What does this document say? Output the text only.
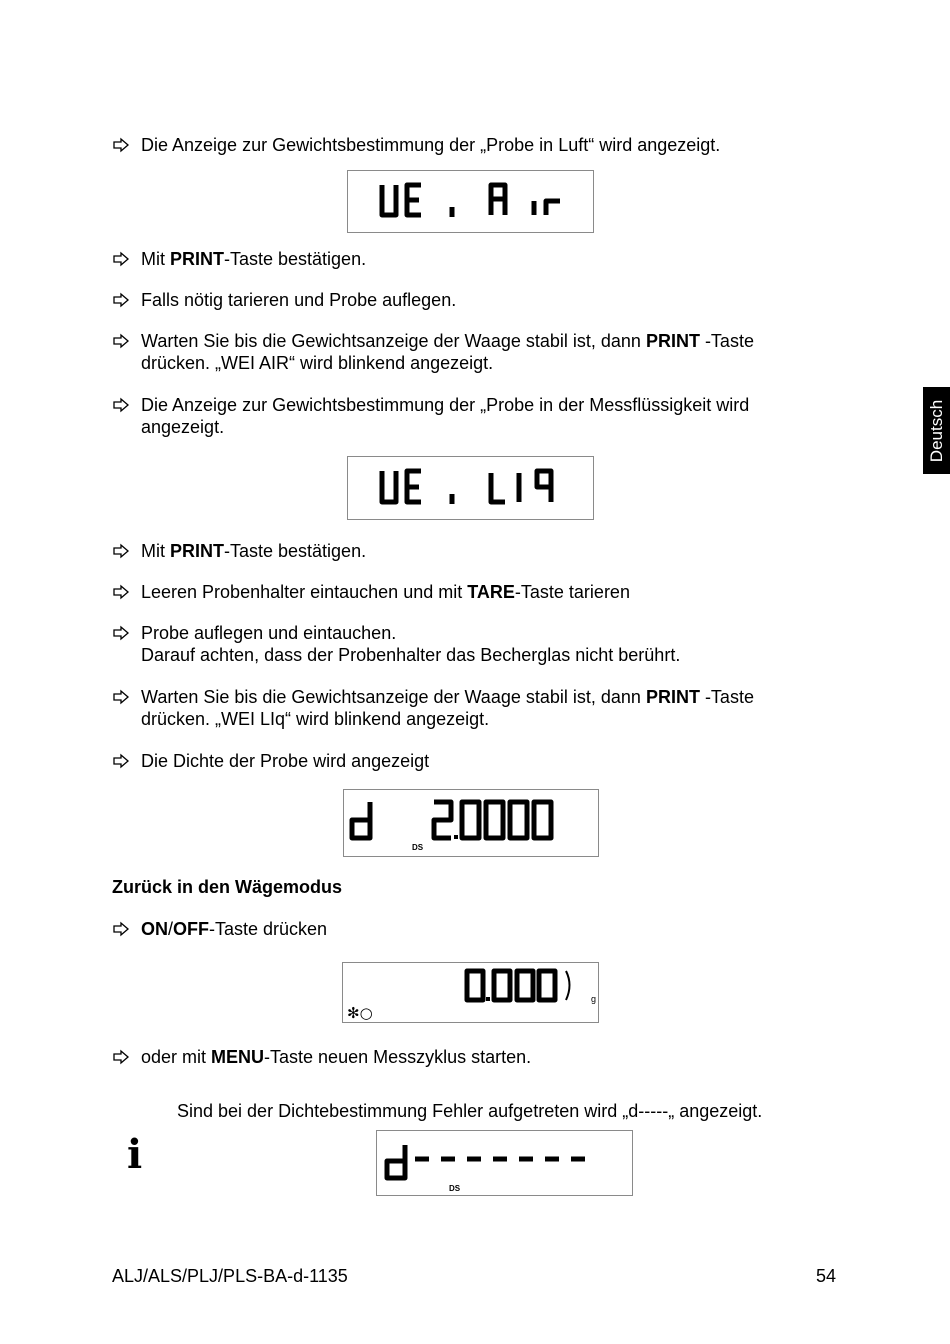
Die Anzeige zur Gewichtsbestimmung der „Probe in Luft“ wird angezeigt.
Mit PRINT-Taste bestätigen.
Falls nötig tarieren und Probe auflegen.
Warten Sie bis die Gewichtsanzeige der Waage stabil ist, dann PRINT -Taste drücken. „WEI AIR“ wird blinkend angezeigt.
Die Anzeige zur Gewichtsbestimmung der „Probe in der Messflüssigkeit wird angezeigt.
Mit PRINT-Taste bestätigen.
Leeren Probenhalter eintauchen und mit TARE-Taste tarieren
Probe auflegen und eintauchen.
Darauf achten, dass der Probenhalter das Becherglas nicht berührt.
Warten Sie bis die Gewichtsanzeige der Waage stabil ist, dann PRINT -Taste drücken. „WEI LIq“ wird blinkend angezeigt.
Die Dichte der Probe wird angezeigt
DS
Zurück in den Wägemodus
ON/OFF-Taste drücken
g
✻○
oder mit MENU-Taste neuen Messzyklus starten.
Sind bei der Dichtebestimmung Fehler aufgetreten wird „d-----„ angezeigt.
i
DS
Deutsch
ALJ/ALS/PLJ/PLS-BA-d-1135	54
